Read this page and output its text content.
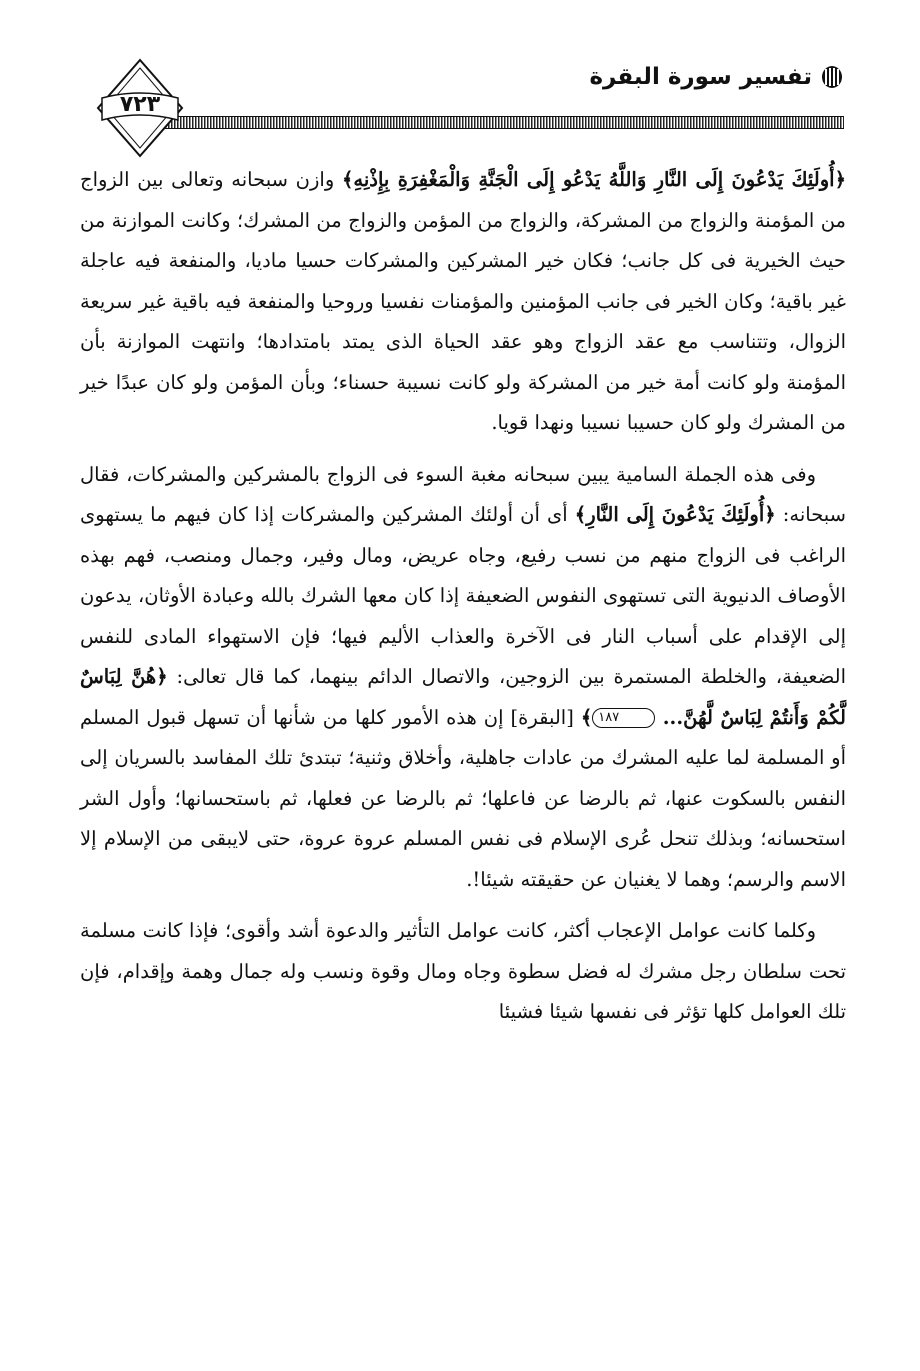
تفسير سورة البقرة
٧٢٣

﴿أُولَئِكَ يَدْعُونَ إِلَى النَّارِ وَاللَّهُ يَدْعُو إِلَى الْجَنَّةِ وَالْمَغْفِرَةِ بِإِذْنِهِ﴾ وازن سبحانه وتعالى بين الزواج من المؤمنة والزواج من المشركة، والزواج من المؤمن والزواج من المشرك؛ وكانت الموازنة من حيث الخيرية فى كل جانب؛ فكان خير المشركين والمشركات حسيا ماديا، والمنفعة فيه عاجلة غير باقية؛ وكان الخير فى جانب المؤمنين والمؤمنات نفسيا وروحيا والمنفعة فيه باقية غير سريعة الزوال، وتتناسب مع عقد الزواج وهو عقد الحياة الذى يمتد بامتدادها؛ وانتهت الموازنة بأن المؤمنة ولو كانت أمة خير من المشركة ولو كانت نسيبة حسناء؛ وبأن المؤمن ولو كان عبدًا خير من المشرك ولو كان حسيبا نسيبا ونهدا قويا.

وفى هذه الجملة السامية يبين سبحانه مغبة السوء فى الزواج بالمشركين والمشركات، فقال سبحانه: ﴿أُولَئِكَ يَدْعُونَ إِلَى النَّارِ﴾ أى أن أولئك المشركين والمشركات إذا كان فيهم ما يستهوى الراغب فى الزواج منهم من نسب رفيع، وجاه عريض، ومال وفير، وجمال ومنصب، فهم بهذه الأوصاف الدنيوية التى تستهوى النفوس الضعيفة إذا كان معها الشرك بالله وعبادة الأوثان، يدعون إلى الإقدام على أسباب النار فى الآخرة والعذاب الأليم فيها؛ فإن الاستهواء المادى للنفس الضعيفة، والخلطة المستمرة بين الزوجين، والاتصال الدائم بينهما، كما قال تعالى: ﴿هُنَّ لِبَاسٌ لَّكُمْ وَأَنتُمْ لِبَاسٌ لَّهُنَّ... ١٨٧﴾ [البقرة] إن هذه الأمور كلها من شأنها أن تسهل قبول المسلم أو المسلمة لما عليه المشرك من عادات جاهلية، وأخلاق وثنية؛ تبتدئ تلك المفاسد بالسريان إلى النفس بالسكوت عنها، ثم بالرضا عن فاعلها؛ ثم بالرضا عن فعلها، ثم باستحسانها؛ وأول الشر استحسانه؛ وبذلك تنحل عُرى الإسلام فى نفس المسلم عروة عروة، حتى لايبقى من الإسلام إلا الاسم والرسم؛ وهما لا يغنيان عن حقيقته شيئا!.

وكلما كانت عوامل الإعجاب أكثر، كانت عوامل التأثير والدعوة أشد وأقوى؛ فإذا كانت مسلمة تحت سلطان رجل مشرك له فضل سطوة وجاه ومال وقوة ونسب وله جمال وهمة وإقدام، فإن تلك العوامل كلها تؤثر فى نفسها شيئا فشيئا
